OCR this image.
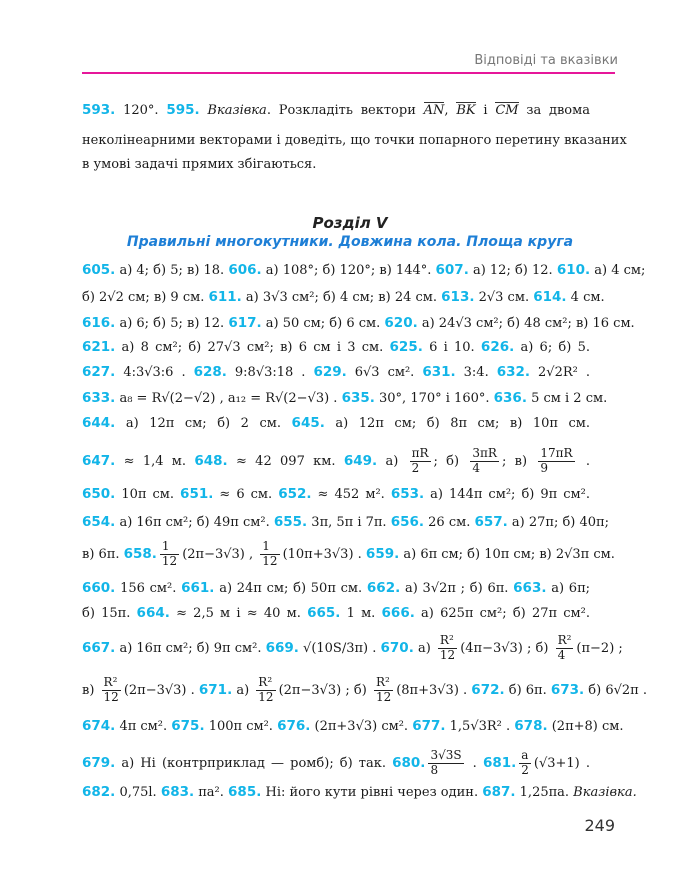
Відповіді та вказівки
593. 120°. 595. Вказівка. Розкладіть вектори AN, BK і CM за двома
неколінеарними векторами і доведіть, що точки попарного перетину вказаних
в умові задачі прямих збігаються.
Розділ V
Правильні многокутники. Довжина кола. Площа круга
605. а) 4; б) 5; в) 18. 606. а) 108°; б) 120°; в) 144°. 607. а) 12; б) 12. 610. а) 4 см;
б) 2√2 см; в) 9 см. 611. а) 3√3 см²; б) 4 см; в) 24 см. 613. 2√3 см. 614. 4 см.
616. а) 6; б) 5; в) 12. 617. а) 50 см; б) 6 см. 620. а) 24√3 см²; б) 48 см²; в) 16 см.
621. а) 8 см²; б) 27√3 см²; в) 6 см і 3 см. 625. 6 і 10. 626. а) 6; б) 5.
627. 4:3√3:6 . 628. 9:8√3:18 . 629. 6√3 см². 631. 3:4. 632. 2√2R² .
633. a₈ = R√(2−√2) , a₁₂ = R√(2−√3) . 635. 30°, 170° і 160°. 636. 5 см і 2 см.
644. а) 12π см; б) 2 см. 645. а) 12π см; б) 8π см; в) 10π см.
647. ≈ 1,4 м. 648. ≈ 42 097 км. 649. $а) \frac{\pi R}{2}$ ; $б) \frac{3\pi R}{4}$ ; $в) \frac{17\pi R}{9}$ .
650. 10π см. 651. ≈ 6 см. 652. ≈ 452 м². 653. а) 144π см²; б) 9π см².
654. а) 16π см²; б) 49π см². 655. 3π, 5π і 7π. 656. 26 см. 657. а) 27π; б) 40π;
в) 6π. 658. $\frac{1}{12} (2\pi-3√3)$ , $\frac{1}{12} (10\pi+3√3)$ . 659. а) 6π см; б) 10π см; в) 2√3π см.
660. 156 см². 661. а) 24π см; б) 50π см. 662. а) 3√2π ; б) 6π. 663. а) 6π;
б) 15π. 664. ≈ 2,5 м і ≈ 40 м. 665. 1 м. 666. а) 625π см²; б) 27π см².
667. а) 16π см²; б) 9π см². 669. √(10S/3π) . 670. $а) \frac{\text{R²}}{12} (4\pi-3√3)$ ; $б) \frac{\text{R²}}{4} (\pi-2)$ ;
$в) \frac{\text{R²}}{12} (2\pi-3√3)$ . 671. $а) \frac{\text{R²}}{12} (2\pi-3√3)$ ; $б) \frac{\text{R²}}{12} (8\pi+3√3)$ . 672. б) 6π. 673. б) 6√2π .
674. 4π см². 675. 100π см². 676. (2π+3√3) см². 677. 1,5√3R² . 678. (2π+8) см.
679. а) Ні (контрприклад — ромб); б) так. 680. $\frac{3√3S}{8}$ . 681. $\frac{a}{2} (√3+1)$ .
682. 0,75l. 683. πa². 685. Ні: його кути рівні через один. 687. 1,25πa. Вказівка.
249
